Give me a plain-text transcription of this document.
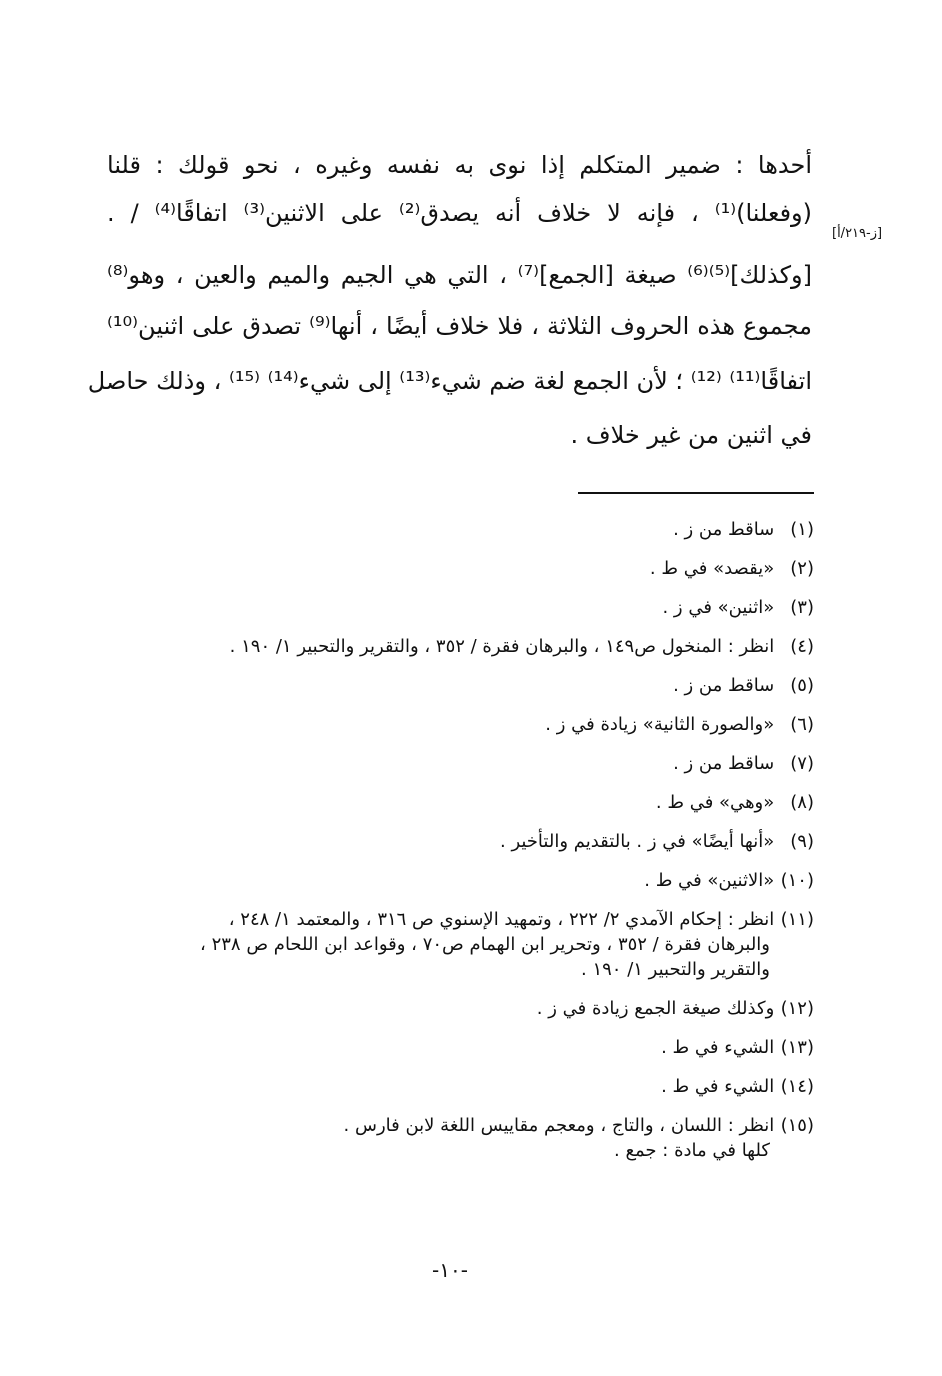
أحدها : ضمير المتكلم إذا نوى به نفسه وغيره ، نحو قولك : قلنا
(وفعلنا)⁽¹⁾ ، فإنه لا خلاف أنه يصدق⁽²⁾ على الاثنين⁽³⁾ اتفاقًا⁽⁴⁾ / .
[وكذلك]⁽⁵⁾⁽⁶⁾ صيغة [الجمع]⁽⁷⁾ ، التي هي الجيم والميم والعين ، وهو⁽⁸⁾
مجموع هذه الحروف الثلاثة ، فلا خلاف أيضًا ، أنها⁽⁹⁾ تصدق على اثنين⁽¹⁰⁾
اتفاقًا⁽¹¹⁾ ⁽¹²⁾ ؛ لأن الجمع لغة ضم شيء⁽¹³⁾ إلى شيء⁽¹⁴⁾ ⁽¹⁵⁾ ، وذلك حاصل
في اثنين من غير خلاف .
[ز-٢١٩/أ]
(١) ساقط من ز .
(٢) «يقصد» في ط .
(٣) «اثنين» في ز .
(٤) انظر : المنخول ص١٤٩ ، والبرهان فقرة / ٣٥٢ ، والتقرير والتحبير ١/ ١٩٠ .
(٥) ساقط من ز .
(٦) «والصورة الثانية» زيادة في ز .
(٧) ساقط من ز .
(٨) «وهي» في ط .
(٩) «أنها أيضًا» في ز . بالتقديم والتأخير .
(١٠) «الاثنين» في ط .
(١١) انظر : إحكام الآمدي ٢/ ٢٢٢ ، وتمهيد الإسنوي ص ٣١٦ ، والمعتمد ١/ ٢٤٨ ،
والبرهان فقرة / ٣٥٢ ، وتحرير ابن الهمام ص٧٠ ، وقواعد ابن اللحام ص ٢٣٨ ،
والتقرير والتحبير ١/ ١٩٠ .
(١٢) وكذلك صيغة الجمع زيادة في ز .
(١٣) الشيء في ط .
(١٤) الشيء في ط .
(١٥) انظر : اللسان ، والتاج ، ومعجم مقاييس اللغة لابن فارس .
كلها في مادة : جمع .
-١٠-
